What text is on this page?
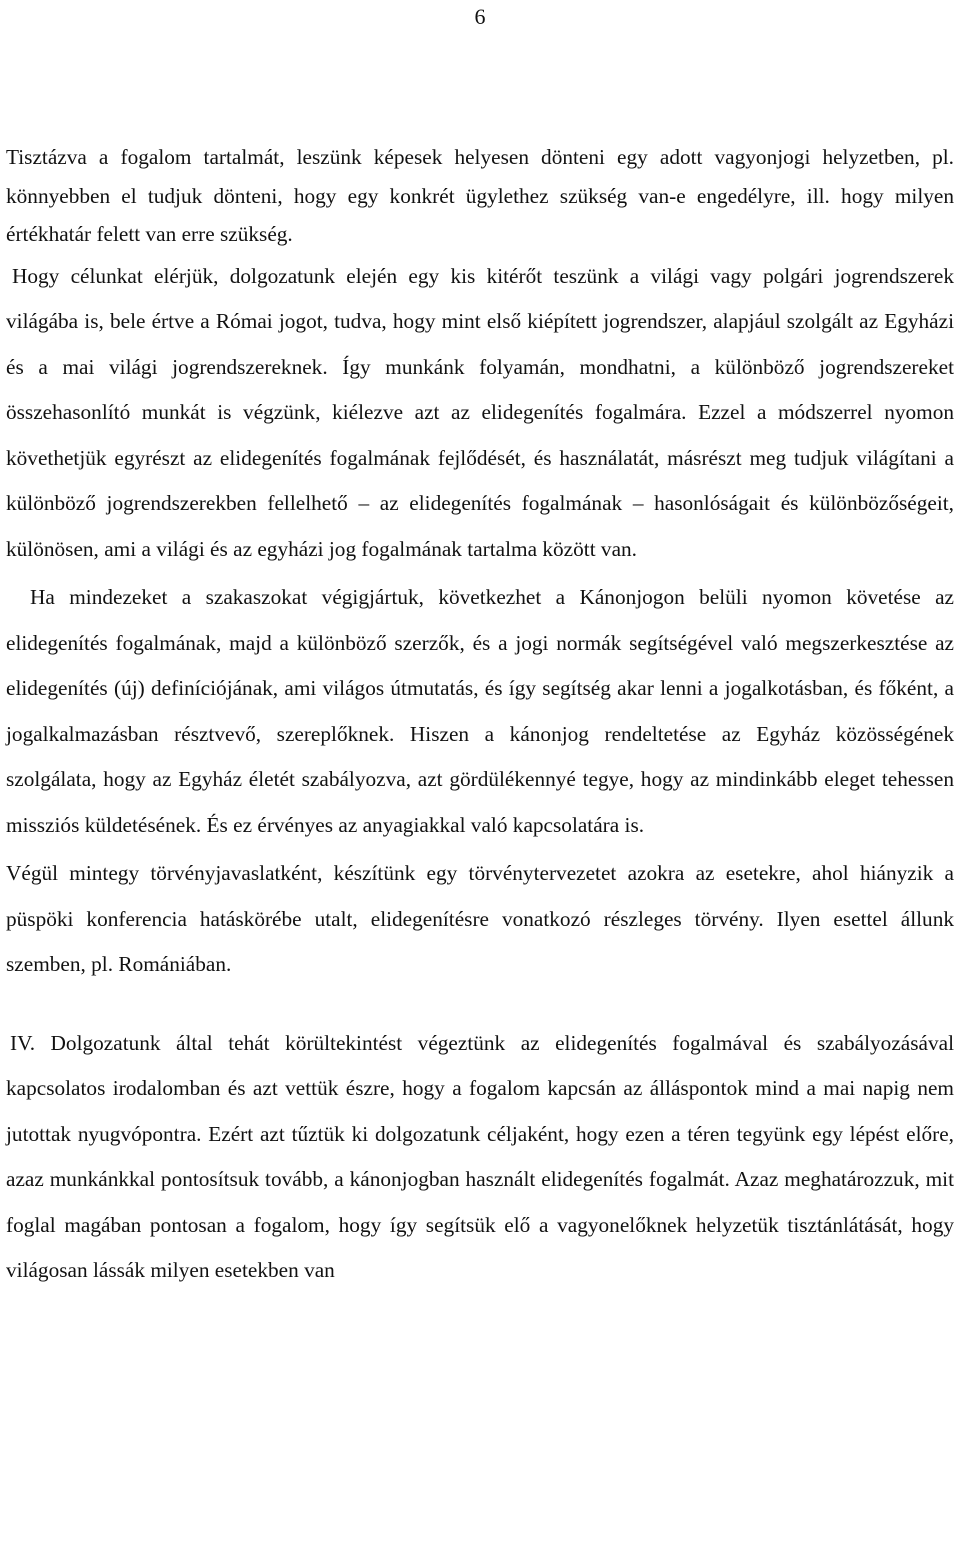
6

Tisztázva a fogalom tartalmát, leszünk képesek helyesen dönteni egy adott vagyonjogi helyzetben, pl. könnyebben el tudjuk dönteni, hogy egy konkrét ügylethez szükség van-e engedélyre, ill. hogy milyen értékhatár felett van erre szükség.

Hogy célunkat elérjük, dolgozatunk elején egy kis kitérőt teszünk a világi vagy polgári jogrendszerek világába is, bele értve a Római jogot, tudva, hogy mint első kiépített jogrendszer, alapjául szolgált az Egyházi és a mai világi jogrendszereknek. Így munkánk folyamán, mondhatni, a különböző jogrendszereket összehasonlító munkát is végzünk, kiélezve azt az elidegenítés fogalmára. Ezzel a módszerrel nyomon követhetjük egyrészt az elidegenítés fogalmának fejlődését, és használatát, másrészt meg tudjuk világítani a különböző jogrendszerekben fellelhető – az elidegenítés fogalmának – hasonlóságait és különbözőségeit, különösen, ami a világi és az egyházi jog fogalmának tartalma között van.

Ha mindezeket a szakaszokat végigjártuk, következhet a Kánonjogon belüli nyomon követése az elidegenítés fogalmának, majd a különböző szerzők, és a jogi normák segítségével való megszerkesztése az elidegenítés (új) definíciójának, ami világos útmutatás, és így segítség akar lenni a jogalkotásban, és főként, a jogalkalmazásban résztvevő, szereplőknek. Hiszen a kánonjog rendeltetése az Egyház közösségének szolgálata, hogy az Egyház életét szabályozva, azt gördülékennyé tegye, hogy az mindinkább eleget tehessen missziós küldetésének. És ez érvényes az anyagiakkal való kapcsolatára is.

Végül mintegy törvényjavaslatként, készítünk egy törvénytervezetet azokra az esetekre, ahol hiányzik a püspöki konferencia hatáskörébe utalt, elidegenítésre vonatkozó részleges törvény. Ilyen esettel állunk szemben, pl. Romániában.

IV. Dolgozatunk által tehát körültekintést végeztünk az elidegenítés fogalmával és szabályozásával kapcsolatos irodalomban és azt vettük észre, hogy a fogalom kapcsán az álláspontok mind a mai napig nem jutottak nyugvópontra. Ezért azt tűztük ki dolgozatunk céljaként, hogy ezen a téren tegyünk egy lépést előre, azaz munkánkkal pontosítsuk tovább, a kánonjogban használt elidegenítés fogalmát. Azaz meghatározzuk, mit foglal magában pontosan a fogalom, hogy így segítsük elő a vagyonelőknek helyzetük tisztánlátását, hogy világosan lássák milyen esetekben van
